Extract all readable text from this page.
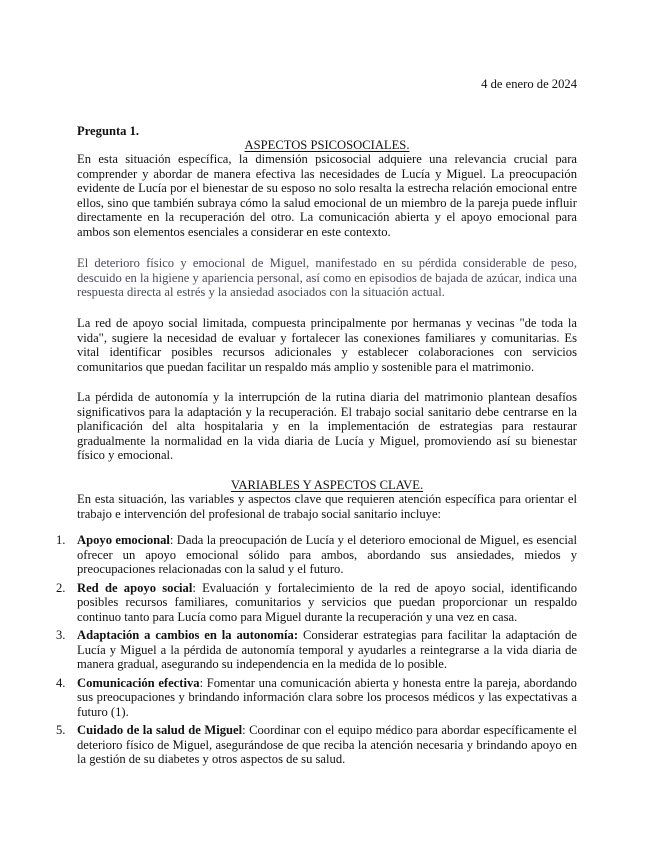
4 de enero de 2024
Pregunta 1.
ASPECTOS PSICOSOCIALES.

En esta situación específica, la dimensión psicosocial adquiere una relevancia crucial para comprender y abordar de manera efectiva las necesidades de Lucía y Miguel. La preocupación evidente de Lucía por el bienestar de su esposo no solo resalta la estrecha relación emocional entre ellos, sino que también subraya cómo la salud emocional de un miembro de la pareja puede influir directamente en la recuperación del otro. La comunicación abierta y el apoyo emocional para ambos son elementos esenciales a considerar en este contexto.

El deterioro físico y emocional de Miguel, manifestado en su pérdida considerable de peso, descuido en la higiene y apariencia personal, así como en episodios de bajada de azúcar, indica una respuesta directa al estrés y la ansiedad asociados con la situación actual.

La red de apoyo social limitada, compuesta principalmente por hermanas y vecinas "de toda la vida", sugiere la necesidad de evaluar y fortalecer las conexiones familiares y comunitarias. Es vital identificar posibles recursos adicionales y establecer colaboraciones con servicios comunitarios que puedan facilitar un respaldo más amplio y sostenible para el matrimonio.

La pérdida de autonomía y la interrupción de la rutina diaria del matrimonio plantean desafíos significativos para la adaptación y la recuperación. El trabajo social sanitario debe centrarse en la planificación del alta hospitalaria y en la implementación de estrategias para restaurar gradualmente la normalidad en la vida diaria de Lucía y Miguel, promoviendo así su bienestar físico y emocional.

VARIABLES Y ASPECTOS CLAVE.

En esta situación, las variables y aspectos clave que requieren atención específica para orientar el trabajo e intervención del profesional de trabajo social sanitario incluye:

1. Apoyo emocional: Dada la preocupación de Lucía y el deterioro emocional de Miguel, es esencial ofrecer un apoyo emocional sólido para ambos, abordando sus ansiedades, miedos y preocupaciones relacionadas con la salud y el futuro.
2. Red de apoyo social: Evaluación y fortalecimiento de la red de apoyo social, identificando posibles recursos familiares, comunitarios y servicios que puedan proporcionar un respaldo continuo tanto para Lucía como para Miguel durante la recuperación y una vez en casa.
3. Adaptación a cambios en la autonomía: Considerar estrategias para facilitar la adaptación de Lucía y Miguel a la pérdida de autonomía temporal y ayudarles a reintegrarse a la vida diaria de manera gradual, asegurando su independencia en la medida de lo posible.
4. Comunicación efectiva: Fomentar una comunicación abierta y honesta entre la pareja, abordando sus preocupaciones y brindando información clara sobre los procesos médicos y las expectativas a futuro (1).
5. Cuidado de la salud de Miguel: Coordinar con el equipo médico para abordar específicamente el deterioro físico de Miguel, asegurándose de que reciba la atención necesaria y brindando apoyo en la gestión de su diabetes y otros aspectos de su salud.
